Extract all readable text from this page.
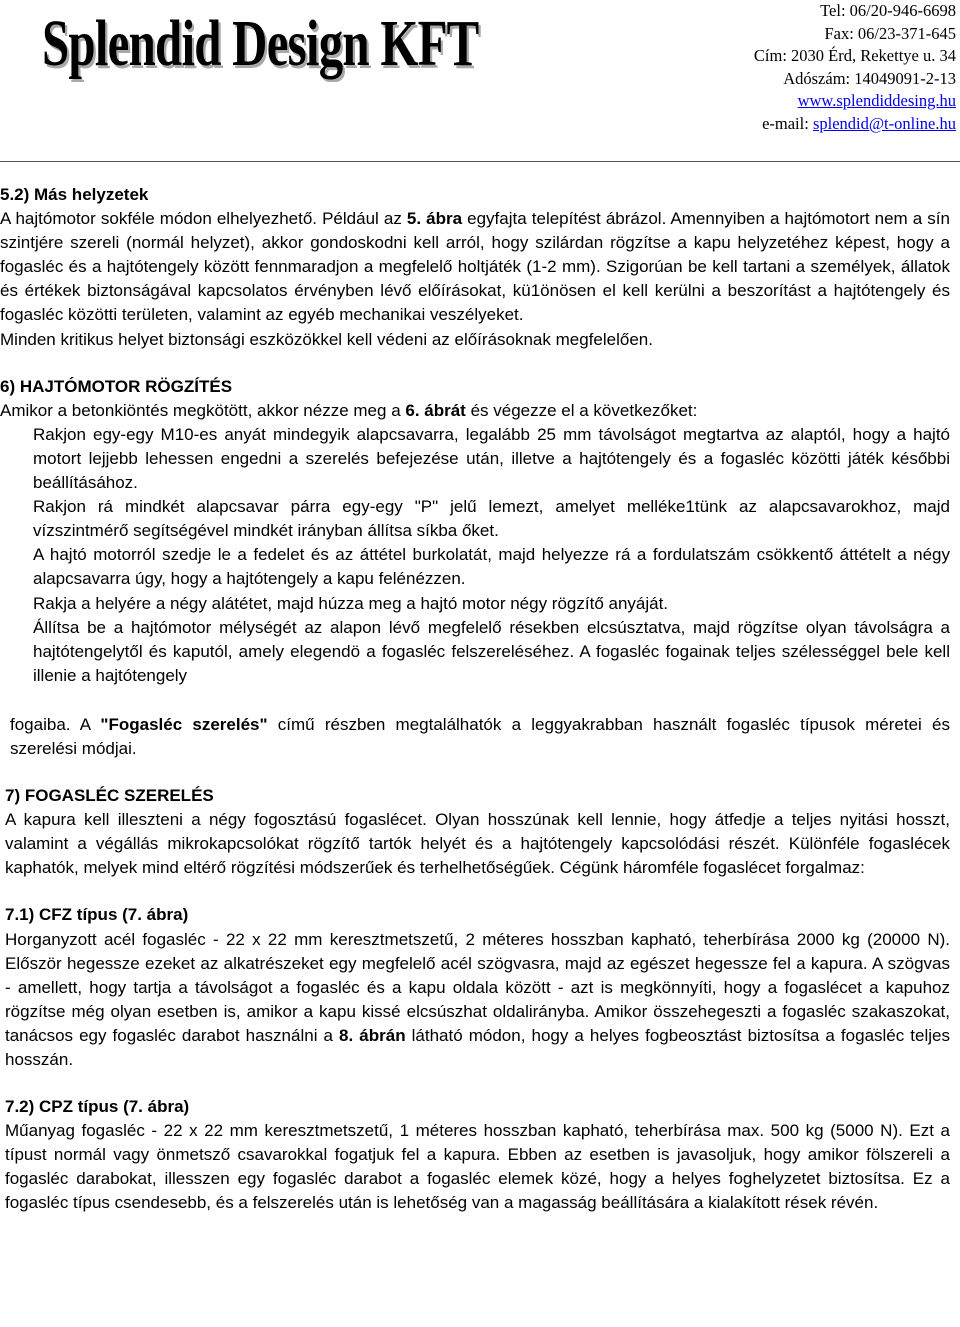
Splendid Design KFT	Tel: 06/20-946-6698
Fax: 06/23-371-645
Cím: 2030 Érd, Rekettye u. 34
Adószám: 14049091-2-13
www.splendiddesing.hu
e-mail: splendid@t-online.hu

5.2) Más helyzetek

A hajtómotor sokféle módon elhelyezhető. Például az 5. ábra egyfajta telepítést ábrázol. Amennyiben a hajtómotort nem a sín szintjére szereli (normál helyzet), akkor gondoskodni kell arról, hogy szilárdan rögzítse a kapu helyzetéhez képest, hogy a fogasléc és a hajtótengely között fennmaradjon a megfelelő holtjáték (1-2 mm). Szigorúan be kell tartani a személyek, állatok és értékek biztonságával kapcsolatos érvényben lévő előírásokat, kü1önösen el kell kerülni a beszorítást a hajtótengely és fogasléc közötti területen, valamint az egyéb mechanikai veszélyeket.

Minden kritikus helyet biztonsági eszközökkel kell védeni az előírásoknak megfelelően.

6) HAJTÓMOTOR RÖGZÍTÉS

Amikor a betonkiöntés megkötött, akkor nézze meg a 6. ábrát és végezze el a következőket:

Rakjon egy-egy M10-es anyát mindegyik alapcsavarra, legalább 25 mm távolságot megtartva az alaptól, hogy a hajtó motort lejjebb lehessen engedni a szerelés befejezése után, illetve a hajtótengely és a fogasléc közötti játék későbbi beállításához.

Rakjon rá mindkét alapcsavar párra egy-egy "P" jelű lemezt, amelyet melléke1tünk az alapcsavarokhoz, majd vízszintmérő segítségével mindkét irányban állítsa síkba őket.

A hajtó motorról szedje le a fedelet és az áttétel burkolatát, majd helyezze rá a fordulatszám csökkentő áttételt a négy alapcsavarra úgy, hogy a hajtótengely a kapu felénézzen.

Rakja a helyére a négy alátétet, majd húzza meg a hajtó motor négy rögzítő anyáját.

Állítsa be a hajtómotor mélységét az alapon lévő megfelelő résekben elcsúsztatva, majd rögzítse olyan távolságra a hajtótengelytől és kaputól, amely elegendö a fogasléc felszereléséhez. A fogasléc fogainak teljes szélességgel bele kell illenie a hajtótengely

fogaiba. A "Fogasléc szerelés" című részben megtalálhatók a leggyakrabban használt fogasléc típusok méretei és szerelési módjai.

7) FOGASLÉC SZERELÉS

A kapura kell illeszteni a négy fogosztású fogaslécet. Olyan hosszúnak kell lennie, hogy átfedje a teljes nyitási hosszt, valamint a végállás mikrokapcsolókat rögzítő tartók helyét és a hajtótengely kapcsolódási részét. Különféle fogaslécek kaphatók, melyek mind eltérő rögzítési módszerűek és terhelhetőségűek. Cégünk háromféle fogaslécet forgalmaz:

7.1) CFZ típus (7. ábra)

Horganyzott acél fogasléc - 22 x 22 mm keresztmetszetű, 2 méteres hosszban kapható, teherbírása 2000 kg (20000 N). Először hegessze ezeket az alkatrészeket egy megfelelő acél szögvasra, majd az egészet hegessze fel a kapura. A szögvas - amellett, hogy tartja a távolságot a fogasléc és a kapu oldala között - azt is megkönnyíti, hogy a fogaslécet a kapuhoz rögzítse még olyan esetben is, amikor a kapu kissé elcsúszhat oldalirányba. Amikor összehegeszti a fogasléc szakaszokat, tanácsos egy fogasléc darabot használni a 8. ábrán látható módon, hogy a helyes fogbeosztást biztosítsa a fogasléc teljes hosszán.

7.2) CPZ típus (7. ábra)

Műanyag fogasléc - 22 x 22 mm keresztmetszetű, 1 méteres hosszban kapható, teherbírása max. 500 kg (5000 N). Ezt a típust normál vagy önmetsző csavarokkal fogatjuk fel a kapura. Ebben az esetben is javasoljuk, hogy amikor fölszereli a fogasléc darabokat, illesszen egy fogasléc darabot a fogasléc elemek közé, hogy a helyes foghelyzetet biztosítsa. Ez a fogasléc típus csendesebb, és a felszerelés után is lehetőség van a magasság beállítására a kialakított rések révén.
